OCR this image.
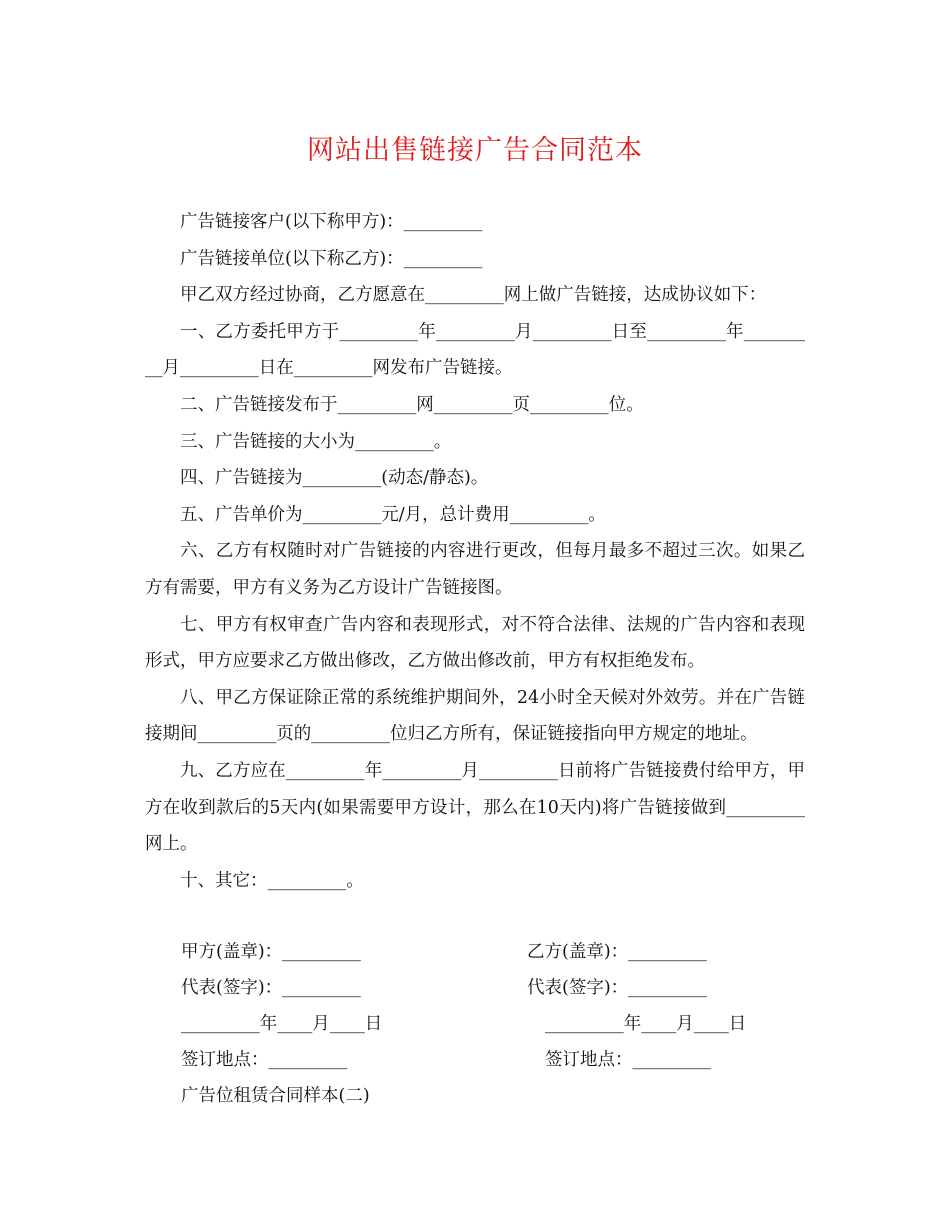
网站出售链接广告合同范本

广告链接客户(以下称甲方)：_________

广告链接单位(以下称乙方)：_________

甲乙双方经过协商，乙方愿意在_________网上做广告链接，达成协议如下：

一、乙方委托甲方于_________年_________月_________日至_________年_________月_________日在_________网发布广告链接。

二、广告链接发布于_________网_________页_________位。

三、广告链接的大小为_________。

四、广告链接为_________(动态/静态)。

五、广告单价为_________元/月，总计费用_________。

六、乙方有权随时对广告链接的内容进行更改，但每月最多不超过三次。如果乙方有需要，甲方有义务为乙方设计广告链接图。

七、甲方有权审查广告内容和表现形式，对不符合法律、法规的广告内容和表现形式，甲方应要求乙方做出修改，乙方做出修改前，甲方有权拒绝发布。

八、甲乙方保证除正常的系统维护期间外，24小时全天候对外效劳。并在广告链接期间_________页的_________位归乙方所有，保证链接指向甲方规定的地址。

九、乙方应在_________年_________月_________日前将广告链接费付给甲方，甲方在收到款后的5天内(如果需要甲方设计，那么在10天内)将广告链接做到_________网上。

十、其它：_________。

甲方(盖章)：_________	乙方(盖章)：_________
代表(签字)：_________	代表(签字)：_________
_________年____月____日	_________年____月____日
签订地点：_________	签订地点：_________
广告位租赁合同样本(二)
